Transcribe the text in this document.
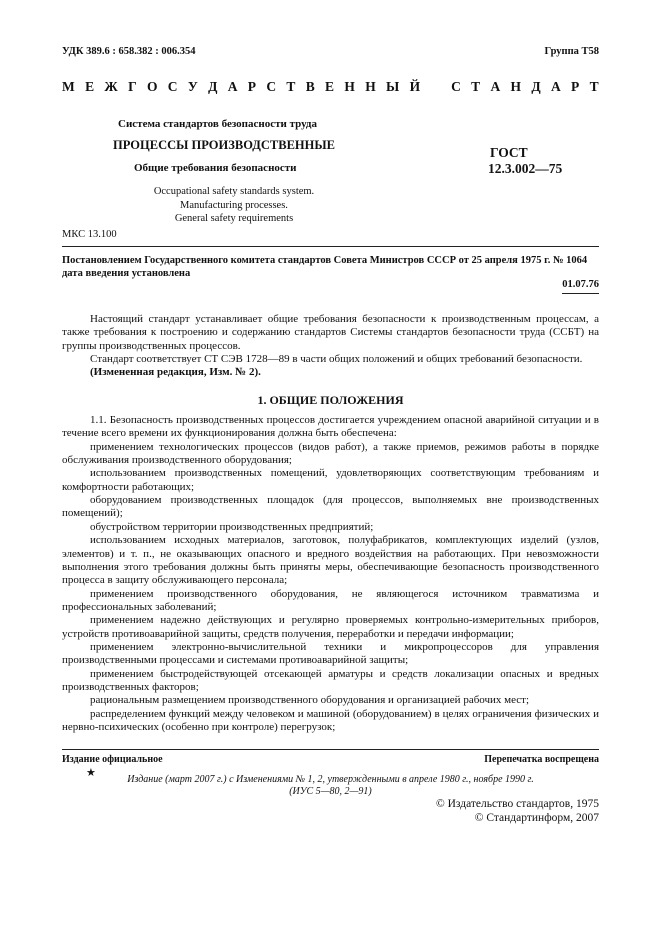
УДК 389.6 : 658.382 : 006.354	Группа Т58
М Е Ж Г О С У Д А Р С Т В Е Н Н Ы Й С Т А Н Д А Р Т
Система стандартов безопасности труда
ПРОЦЕССЫ ПРОИЗВОДСТВЕННЫЕ
Общие требования безопасности
ГОСТ
12.3.002—75
Occupational safety standards system.
Manufacturing processes.
General safety requirements
МКС 13.100
Постановлением Государственного комитета стандартов Совета Министров СССР от 25 апреля 1975 г. № 1064 дата введения установлена
01.07.76

Настоящий стандарт устанавливает общие требования безопасности к производственным процессам, а также требования к построению и содержанию стандартов Системы стандартов безопасности труда (ССБТ) на группы производственных процессов.

Стандарт соответствует СТ СЭВ 1728—89 в части общих положений и общих требований безопасности.

(Измененная редакция, Изм. № 2).

1. ОБЩИЕ ПОЛОЖЕНИЯ

1.1. Безопасность производственных процессов достигается учреждением опасной аварийной ситуации и в течение всего времени их функционирования должна быть обеспечена:

применением технологических процессов (видов работ), а также приемов, режимов работы в порядке обслуживания производственного оборудования;

использованием производственных помещений, удовлетворяющих соответствующим требованиям и комфортности работающих;

оборудованием производственных площадок (для процессов, выполняемых вне производственных помещений);

обустройством территории производственных предприятий;

использованием исходных материалов, заготовок, полуфабрикатов, комплектующих изделий (узлов, элементов) и т. п., не оказывающих опасного и вредного воздействия на работающих. При невозможности выполнения этого требования должны быть приняты меры, обеспечивающие безопасность производственного процесса в защиту обслуживающего персонала;

применением производственного оборудования, не являющегося источником травматизма и профессиональных заболеваний;

применением надежно действующих и регулярно проверяемых контрольно-измерительных приборов, устройств противоаварийной защиты, средств получения, переработки и передачи информации;

применением электронно-вычислительной техники и микропроцессоров для управления производственными процессами и системами противоаварийной защиты;

применением быстродействующей отсекающей арматуры и средств локализации опасных и вредных производственных факторов;

рациональным размещением производственного оборудования и организацией рабочих мест;

распределением функций между человеком и машиной (оборудованием) в целях ограничения физических и нервно-психических (особенно при контроле) перегрузок;

Издание официальное	Перепечатка воспрещена
★
Издание (март 2007 г.) с Изменениями № 1, 2, утвержденными в апреле 1980 г., ноябре 1990 г.
(ИУС 5—80, 2—91)
© Издательство стандартов, 1975
© Стандартинформ, 2007
